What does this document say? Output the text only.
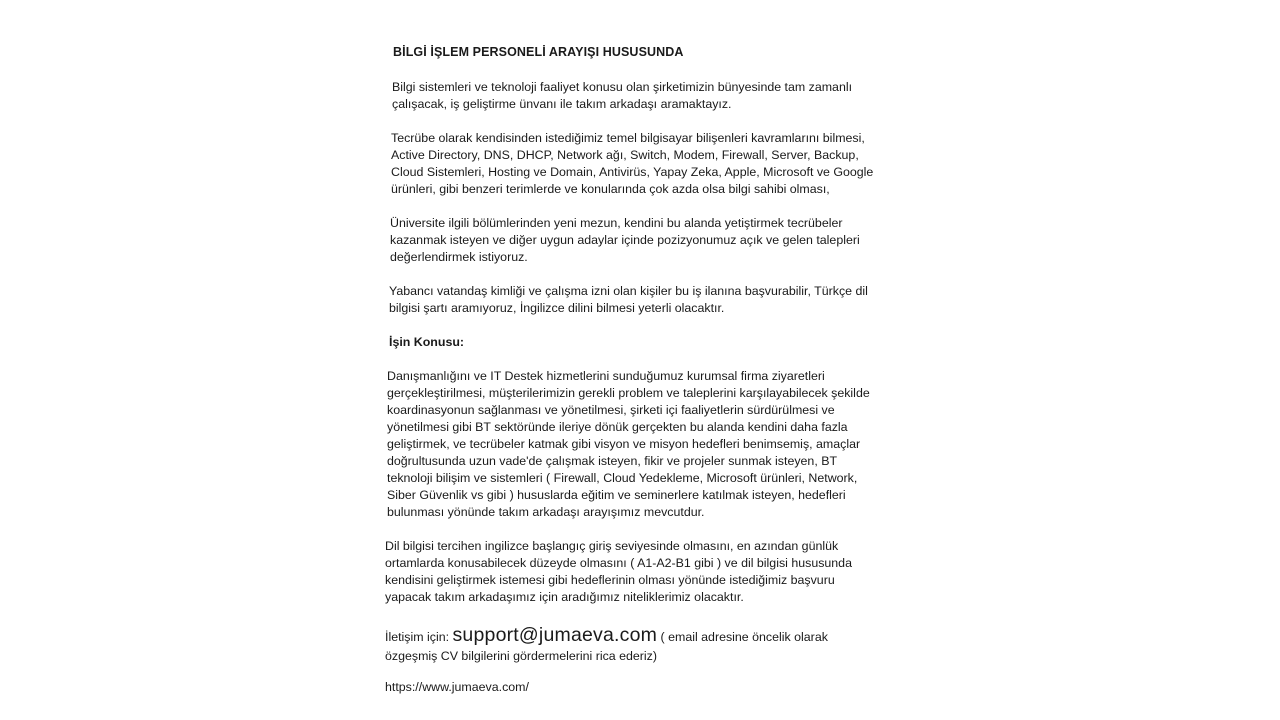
BİLGİ İŞLEM PERSONELİ ARAYIŞI HUSUSUNDA

Bilgi sistemleri ve teknoloji faaliyet konusu olan şirketimizin bünyesinde tam zamanlı çalışacak, iş geliştirme ünvanı ile takım arkadaşı aramaktayız.

Tecrübe olarak kendisinden istediğimiz temel bilgisayar bilişenleri kavramlarını bilmesi, Active Directory, DNS, DHCP, Network ağı, Switch, Modem, Firewall, Server, Backup, Cloud Sistemleri, Hosting ve Domain, Antivirüs, Yapay Zeka, Apple, Microsoft ve Google ürünleri, gibi benzeri terimlerde ve konularında çok azda olsa bilgi sahibi olması,

Üniversite ilgili bölümlerinden yeni mezun, kendini bu alanda yetiştirmek tecrübeler kazanmak isteyen ve diğer uygun adaylar içinde pozizyonumuz açık ve gelen talepleri değerlendirmek istiyoruz.

Yabancı vatandaş kimliği ve çalışma izni olan kişiler bu iş ilanına başvurabilir, Türkçe dil bilgisi şartı aramıyoruz, İngilizce dilini bilmesi yeterli olacaktır.

İşin Konusu:

Danışmanlığını ve IT Destek hizmetlerini sunduğumuz kurumsal firma ziyaretleri gerçekleştirilmesi, müşterilerimizin gerekli problem ve taleplerini karşılayabilecek şekilde koardinasyonun sağlanması ve yönetilmesi, şirketi içi faaliyetlerin sürdürülmesi ve yönetilmesi gibi BT sektöründe ileriye dönük gerçekten bu alanda kendini daha fazla geliştirmek, ve tecrübeler katmak gibi visyon ve misyon hedefleri benimsemiş, amaçlar doğrultusunda uzun vade'de çalışmak isteyen, fikir ve projeler sunmak isteyen, BT teknoloji bilişim ve sistemleri ( Firewall, Cloud Yedekleme, Microsoft ürünleri, Network, Siber Güvenlik vs gibi ) hususlarda eğitim ve seminerlere katılmak isteyen, hedefleri bulunması yönünde takım arkadaşı arayışımız mevcutdur.

Dil bilgisi tercihen ingilizce başlangıç giriş seviyesinde olmasını, en azından günlük ortamlarda konusabilecek düzeyde olmasını ( A1-A2-B1 gibi ) ve dil bilgisi hususunda kendisini geliştirmek istemesi gibi hedeflerinin olması yönünde istediğimiz başvuru yapacak takım arkadaşımız için aradığımız niteliklerimiz olacaktır.

İletişim için: support@jumaeva.com ( email adresine öncelik olarak özgeşmiş CV bilgilerini gördermelerini rica ederiz)
https://www.jumaeva.com/
